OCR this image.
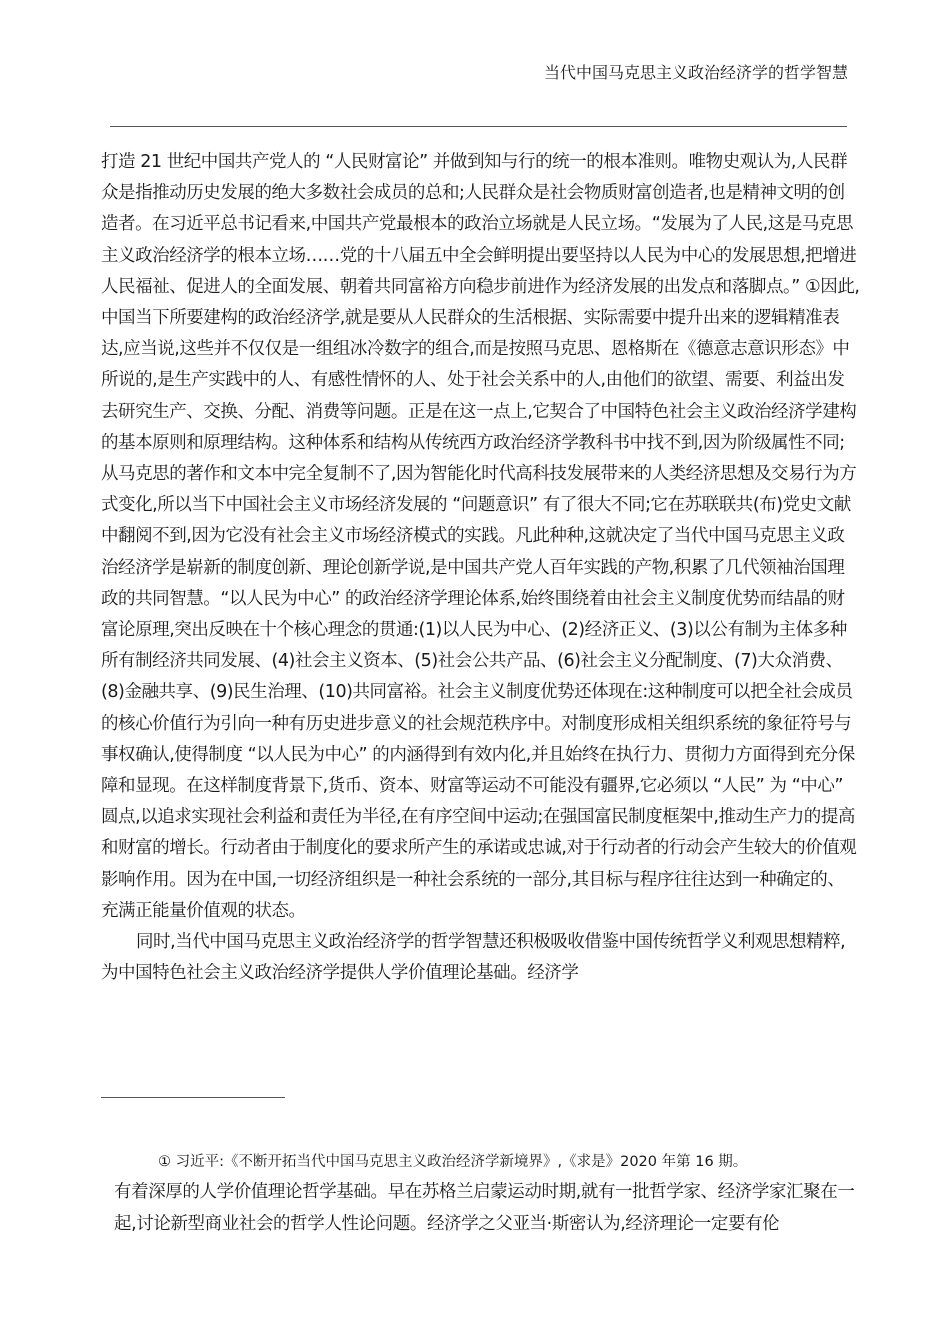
当代中国马克思主义政治经济学的哲学智慧

打造 21 世纪中国共产党人的 “人民财富论” 并做到知与行的统一的根本准则。唯物史观认为,人民群众是指推动历史发展的绝大多数社会成员的总和;人民群众是社会物质财富创造者,也是精神文明的创造者。在习近平总书记看来,中国共产党最根本的政治立场就是人民立场。“发展为了人民,这是马克思主义政治经济学的根本立场……党的十八届五中全会鲜明提出要坚持以人民为中心的发展思想,把增进人民福祉、促进人的全面发展、朝着共同富裕方向稳步前进作为经济发展的出发点和落脚点。” ①因此,中国当下所要建构的政治经济学,就是要从人民群众的生活根据、实际需要中提升出来的逻辑精准表达,应当说,这些并不仅仅是一组组冰冷数字的组合,而是按照马克思、恩格斯在《德意志意识形态》中所说的,是生产实践中的人、有感性情怀的人、处于社会关系中的人,由他们的欲望、需要、利益出发去研究生产、交换、分配、消费等问题。正是在这一点上,它契合了中国特色社会主义政治经济学建构的基本原则和原理结构。这种体系和结构从传统西方政治经济学教科书中找不到,因为阶级属性不同;从马克思的著作和文本中完全复制不了,因为智能化时代高科技发展带来的人类经济思想及交易行为方式变化,所以当下中国社会主义市场经济发展的 “问题意识” 有了很大不同;它在苏联联共(布)党史文献中翻阅不到,因为它没有社会主义市场经济模式的实践。凡此种种,这就决定了当代中国马克思主义政治经济学是崭新的制度创新、理论创新学说,是中国共产党人百年实践的产物,积累了几代领袖治国理政的共同智慧。“以人民为中心” 的政治经济学理论体系,始终围绕着由社会主义制度优势而结晶的财富论原理,突出反映在十个核心理念的贯通:(1)以人民为中心、(2)经济正义、(3)以公有制为主体多种所有制经济共同发展、(4)社会主义资本、(5)社会公共产品、(6)社会主义分配制度、(7)大众消费、(8)金融共享、(9)民生治理、(10)共同富裕。社会主义制度优势还体现在:这种制度可以把全社会成员的核心价值行为引向一种有历史进步意义的社会规范秩序中。对制度形成相关组织系统的象征符号与事权确认,使得制度 “以人民为中心” 的内涵得到有效内化,并且始终在执行力、贯彻力方面得到充分保障和显现。在这样制度背景下,货币、资本、财富等运动不可能没有疆界,它必须以 “人民” 为 “中心” 圆点,以追求实现社会利益和责任为半径,在有序空间中运动;在强国富民制度框架中,推动生产力的提高和财富的增长。行动者由于制度化的要求所产生的承诺或忠诚,对于行动者的行动会产生较大的价值观影响作用。因为在中国,一切经济组织是一种社会系统的一部分,其目标与程序往往达到一种确定的、充满正能量价值观的状态。

同时,当代中国马克思主义政治经济学的哲学智慧还积极吸收借鉴中国传统哲学义利观思想精粹,为中国特色社会主义政治经济学提供人学价值理论基础。经济学

① 习近平:《不断开拓当代中国马克思主义政治经济学新境界》,《求是》2020 年第 16 期。

有着深厚的人学价值理论哲学基础。早在苏格兰启蒙运动时期,就有一批哲学家、经济学家汇聚在一起,讨论新型商业社会的哲学人性论问题。经济学之父亚当·斯密认为,经济理论一定要有伦
